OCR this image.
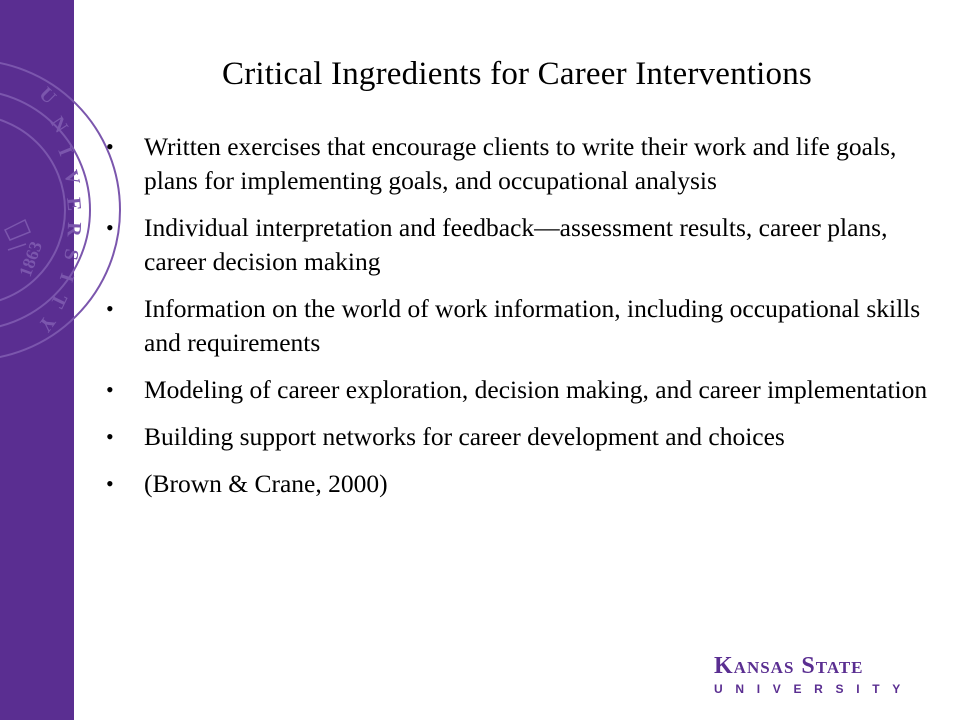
U
N
I
V
E
R
S
I
T
Y
1863
Critical Ingredients for Career Interventions
• Written exercises that encourage clients to write their work and life goals, plans for implementing goals, and occupational analysis
• Individual interpretation and feedback—assessment results, career plans, career decision making
• Information on the world of work information, including occupational skills and requirements
• Modeling of career exploration, decision making, and career implementation
• Building support networks for career development and choices
• (Brown & Crane, 2000)
Kansas State
UNIVERSITY
